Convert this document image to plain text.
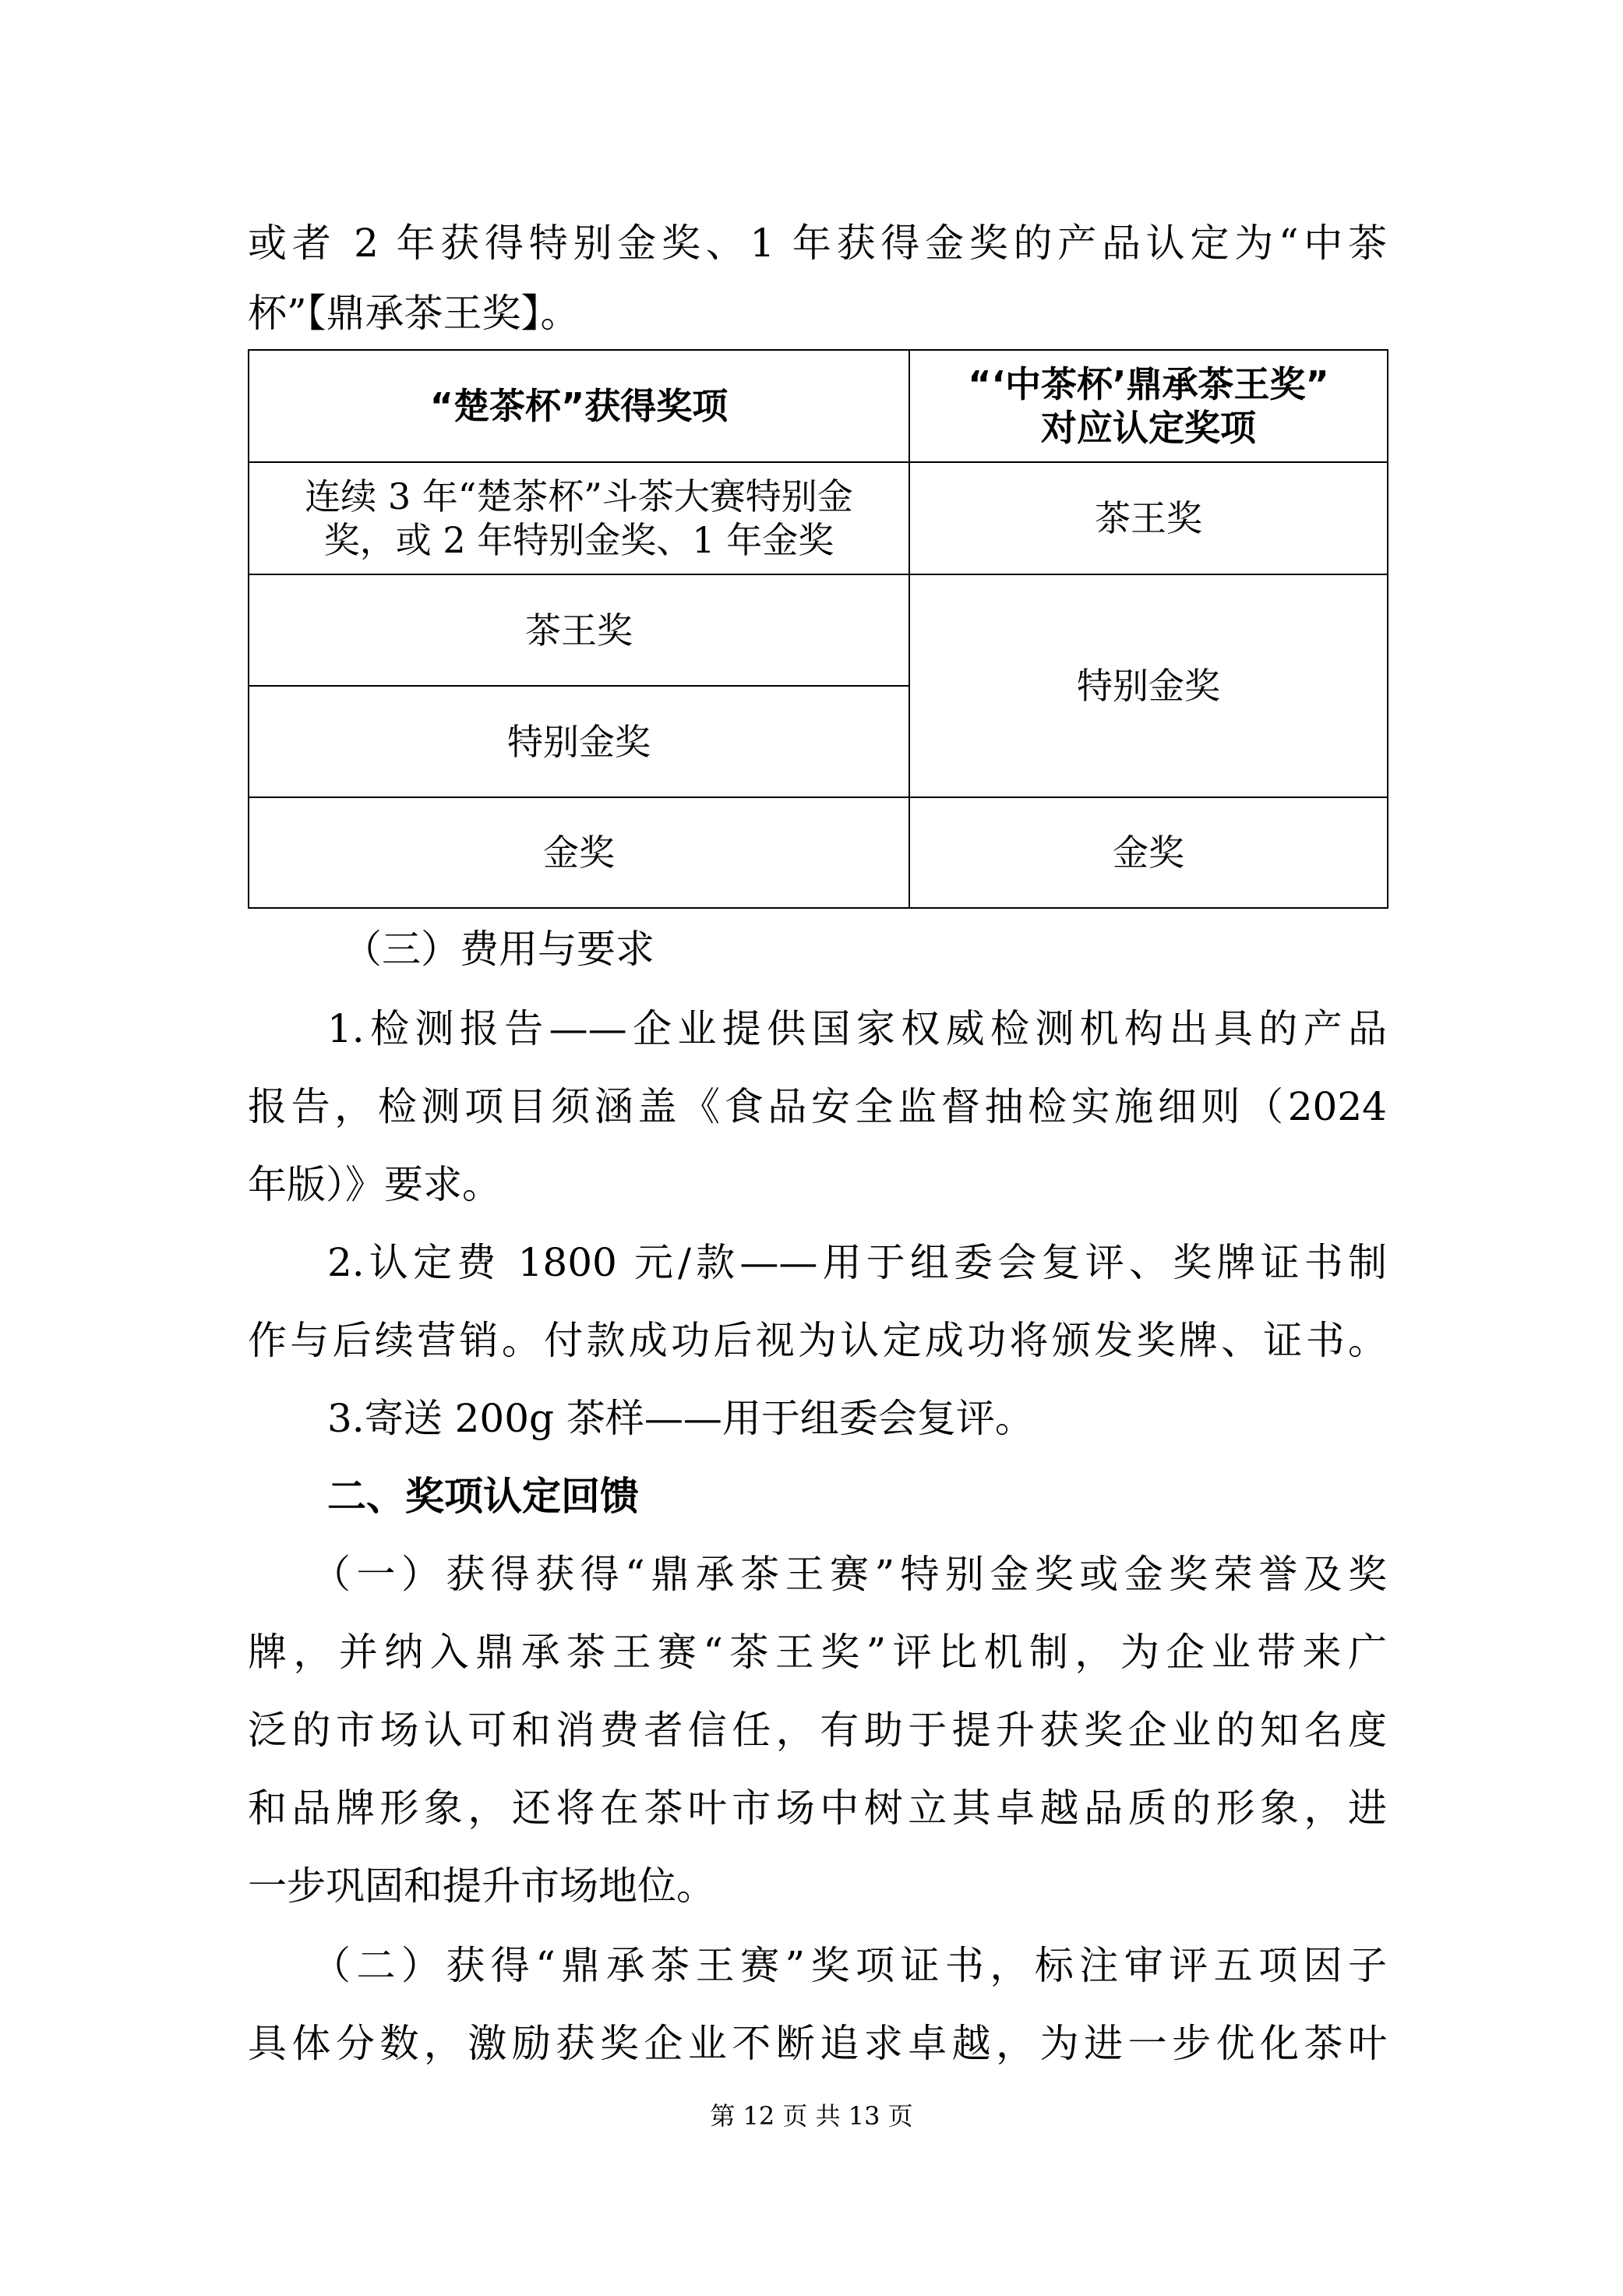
或者 2 年获得特别金奖、1 年获得金奖的产品认定为“中茶
杯”【鼎承茶王奖】。
“楚茶杯”获得奖项	“‘中茶杯’鼎承茶王奖”
对应认定奖项

连续 3 年“楚茶杯”斗茶大赛特别金
奖，或 2 年特别金奖、1 年金奖	茶王奖
茶王奖	特别金奖
特别金奖	
金奖	金奖
（三）费用与要求
1.检测报告——企业提供国家权威检测机构出具的产品
报告，检测项目须涵盖《食品安全监督抽检实施细则（2024
年版）》要求。
2.认定费 1800 元/款——用于组委会复评、奖牌证书制
作与后续营销。付款成功后视为认定成功将颁发奖牌、证书。
3.寄送 200g 茶样——用于组委会复评。
二、奖项认定回馈
（一）获得获得“鼎承茶王赛”特别金奖或金奖荣誉及奖
牌，并纳入鼎承茶王赛“茶王奖”评比机制，为企业带来广
泛的市场认可和消费者信任，有助于提升获奖企业的知名度
和品牌形象，还将在茶叶市场中树立其卓越品质的形象，进
一步巩固和提升市场地位。
（二）获得“鼎承茶王赛”奖项证书，标注审评五项因子
具体分数，激励获奖企业不断追求卓越，为进一步优化茶叶
第 12 页 共 13 页
